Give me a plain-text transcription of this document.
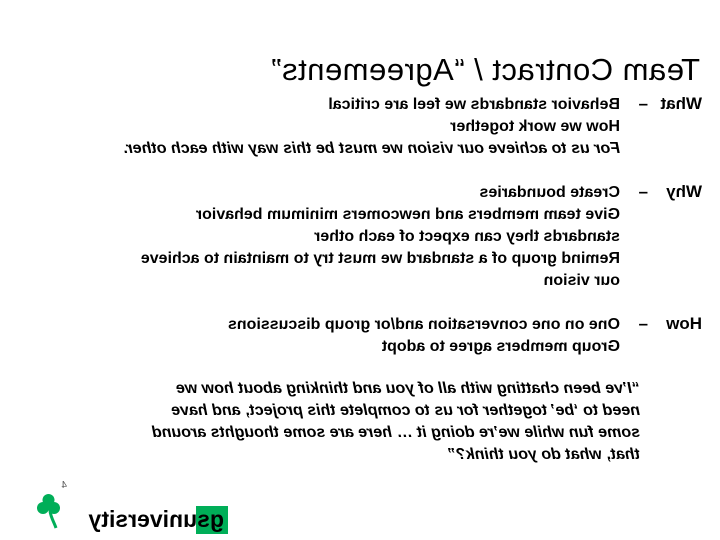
Team Contract / “Agreements”
What
–
Behavior standards we feel are critical
How we work together
For us to achieve our vision we must be this way with each other.
Why
–
Create boundaries
Give team members and newcomers minimum behavior
standards they can expect of each other
Remind group of a standard we must try to maintain to achieve
our vision
How
–
One on one conversation and/or group discussions
Group members agree to adopt
“I’ve been chatting with all of you and thinking about how we
need to ‘be’ together for us to complete this project, and have
some fun while we’re doing it … here are some thoughts around
that, what do you think?”
4
gsuniversity
